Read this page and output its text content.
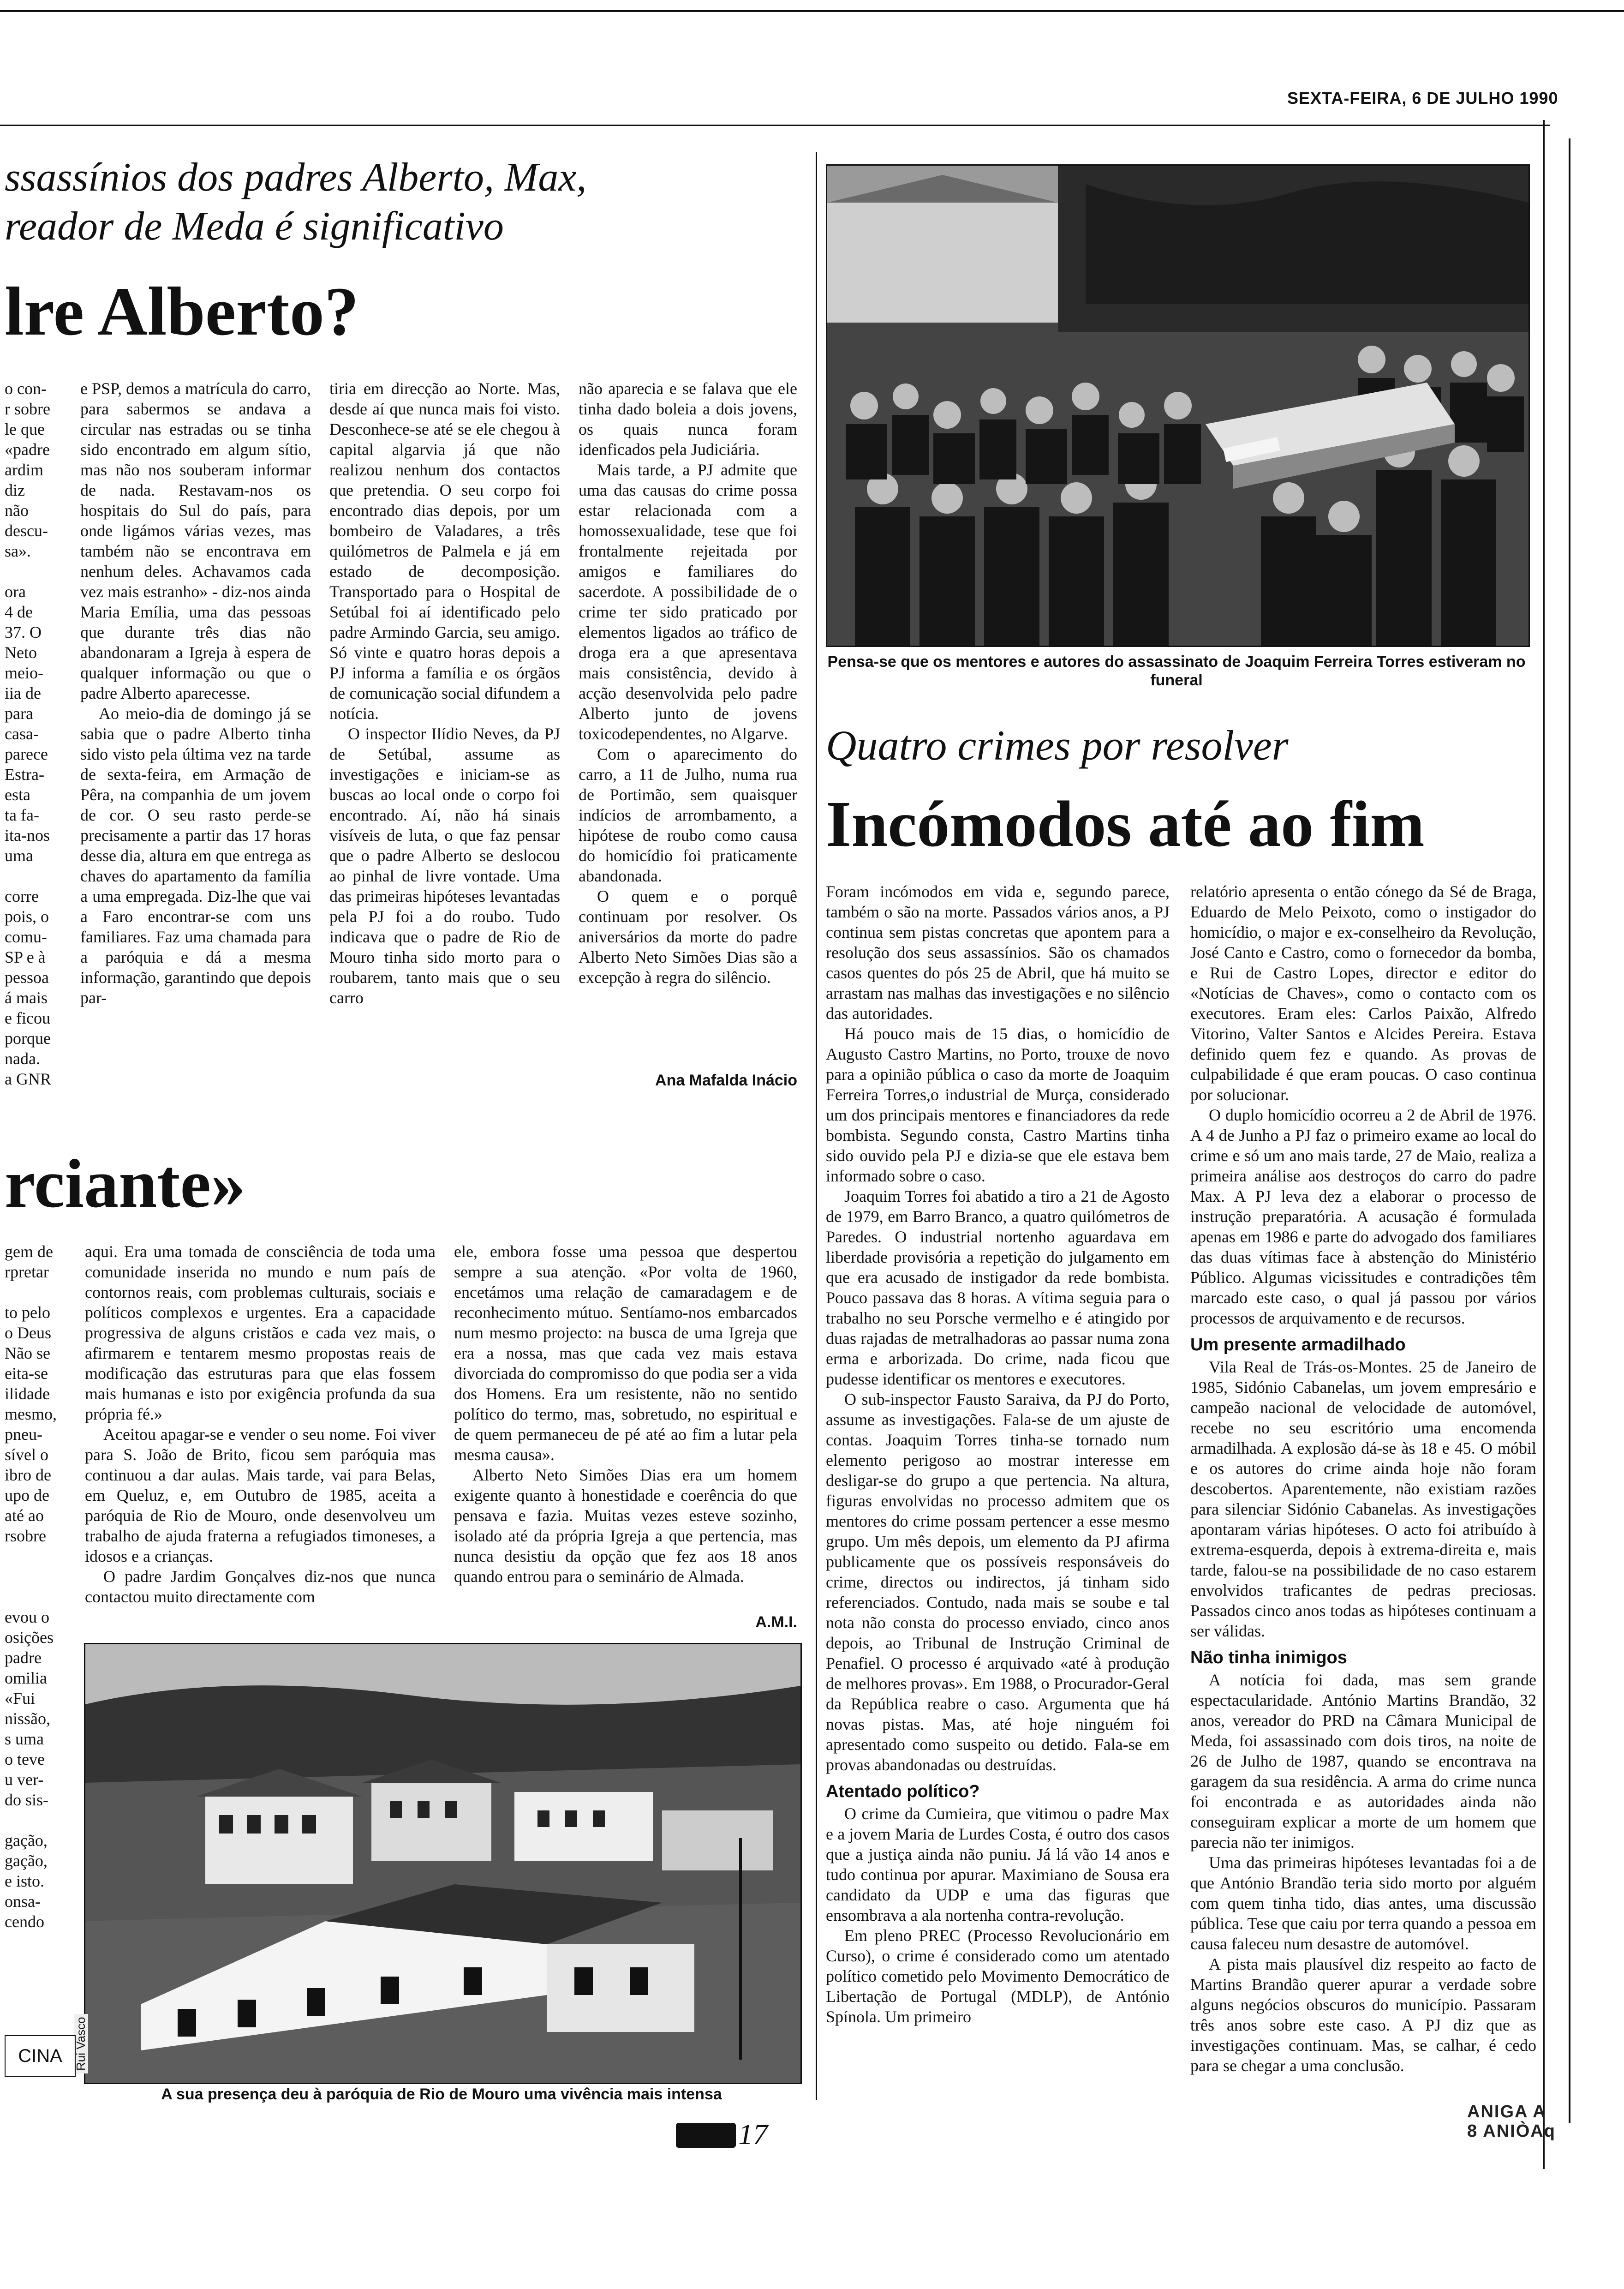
SEXTA-FEIRA, 6 DE JULHO 1990
ssassínios dos padres Alberto, Max,
reador de Meda é significativo
lre Alberto?
o con-
r sobre
le que
«padre
ardim
diz
não
descu-
sa».
ora
4 de
37. O
Neto
meio-
iia de
para
casa-
parece
Estra-
esta
ta fa-
ita-nos
uma
corre
pois, o
comu-
SP e à
pessoa
á mais
e ficou
porque
nada.
a GNR

e PSP, demos a matrícula do carro, para sabermos se andava a circular nas estradas ou se tinha sido encontrado em algum sítio, mas não nos souberam informar de nada. Restavam-nos os hospitais do Sul do país, para onde ligámos várias vezes, mas também não se encontrava em nenhum deles. Achavamos cada vez mais estranho» - diz-nos ainda Maria Emília, uma das pessoas que durante três dias não abandonaram a Igreja à espera de qualquer informação ou que o padre Alberto aparecesse.

Ao meio-dia de domingo já se sabia que o padre Alberto tinha sido visto pela última vez na tarde de sexta-feira, em Armação de Pêra, na companhia de um jovem de cor. O seu rasto perde-se precisamente a partir das 17 horas desse dia, altura em que entrega as chaves do apartamento da família a uma empregada. Diz-lhe que vai a Faro encontrar-se com uns familiares. Faz uma chamada para a paróquia e dá a mesma informação, garantindo que depois par-

tiria em direcção ao Norte. Mas, desde aí que nunca mais foi visto. Desconhece-se até se ele chegou à capital algarvia já que não realizou nenhum dos contactos que pretendia. O seu corpo foi encontrado dias depois, por um bombeiro de Valadares, a três quilómetros de Palmela e já em estado de decomposição. Transportado para o Hospital de Setúbal foi aí identificado pelo padre Armindo Garcia, seu amigo. Só vinte e quatro horas depois a PJ informa a família e os órgãos de comunicação social difundem a notícia.

O inspector Ilídio Neves, da PJ de Setúbal, assume as investigações e iniciam-se as buscas ao local onde o corpo foi encontrado. Aí, não há sinais visíveis de luta, o que faz pensar que o padre Alberto se deslocou ao pinhal de livre vontade. Uma das primeiras hipóteses levantadas pela PJ foi a do roubo. Tudo indicava que o padre de Rio de Mouro tinha sido morto para o roubarem, tanto mais que o seu carro

não aparecia e se falava que ele tinha dado boleia a dois jovens, os quais nunca foram idenficados pela Judiciária.

Mais tarde, a PJ admite que uma das causas do crime possa estar relacionada com a homossexualidade, tese que foi frontalmente rejeitada por amigos e familiares do sacerdote. A possibilidade de o crime ter sido praticado por elementos ligados ao tráfico de droga era a que apresentava mais consistência, devido à acção desenvolvida pelo padre Alberto junto de jovens toxicodependentes, no Algarve.

Com o aparecimento do carro, a 11 de Julho, numa rua de Portimão, sem quaisquer indícios de arrombamento, a hipótese de roubo como causa do homicídio foi praticamente abandonada.

O quem e o porquê continuam por resolver. Os aniversários da morte do padre Alberto Neto Simões Dias são a excepção à regra do silêncio.

Ana Mafalda Inácio
rciante»
gem de
rpretar
to pelo
o Deus
Não se
eita-se
ilidade
mesmo,
pneu-
sível o
ibro de
upo de
até ao
rsobre
evou o
osições
padre
omilia
«Fui
nissão,
s uma
o teve
u ver-
do sis-
gação,
gação,
e isto.
onsa-
cendo

aqui. Era uma tomada de consciência de toda uma comunidade inserida no mundo e num país de contornos reais, com problemas culturais, sociais e políticos complexos e urgentes. Era a capacidade progressiva de alguns cristãos e cada vez mais, o afirmarem e tentarem mesmo propostas reais de modificação das estruturas para que elas fossem mais humanas e isto por exigência profunda da sua própria fé.»

Aceitou apagar-se e vender o seu nome. Foi viver para S. João de Brito, ficou sem paróquia mas continuou a dar aulas. Mais tarde, vai para Belas, em Queluz, e, em Outubro de 1985, aceita a paróquia de Rio de Mouro, onde desenvolveu um trabalho de ajuda fraterna a refugiados timoneses, a idosos e a crianças.

O padre Jardim Gonçalves diz-nos que nunca contactou muito directamente com

ele, embora fosse uma pessoa que despertou sempre a sua atenção. «Por volta de 1960, encetámos uma relação de camaradagem e de reconhecimento mútuo. Sentíamo-nos embarcados num mesmo projecto: na busca de uma Igreja que era a nossa, mas que cada vez mais estava divorciada do compromisso do que podia ser a vida dos Homens. Era um resistente, não no sentido político do termo, mas, sobretudo, no espiritual e de quem permaneceu de pé até ao fim a lutar pela mesma causa».

Alberto Neto Simões Dias era um homem exigente quanto à honestidade e coerência do que pensava e fazia. Muitas vezes esteve sozinho, isolado até da própria Igreja a que pertencia, mas nunca desistiu da opção que fez aos 18 anos quando entrou para o seminário de Almada.

A.M.I.
Rui Vasco
A sua presença deu à paróquia de Rio de Mouro uma vivência mais intensa
CINA
Pensa-se que os mentores e autores do assassinato de Joaquim Ferreira Torres estiveram no funeral
Quatro crimes por resolver
Incómodos até ao fim

Foram incómodos em vida e, segundo parece, também o são na morte. Passados vários anos, a PJ continua sem pistas concretas que apontem para a resolução dos seus assassínios. São os chamados casos quentes do pós 25 de Abril, que há muito se arrastam nas malhas das investigações e no silêncio das autoridades.

Há pouco mais de 15 dias, o homicídio de Augusto Castro Martins, no Porto, trouxe de novo para a opinião pública o caso da morte de Joaquim Ferreira Torres,o industrial de Murça, considerado um dos principais mentores e financiadores da rede bombista. Segundo consta, Castro Martins tinha sido ouvido pela PJ e dizia-se que ele estava bem informado sobre o caso.

Joaquim Torres foi abatido a tiro a 21 de Agosto de 1979, em Barro Branco, a quatro quilómetros de Paredes. O industrial nortenho aguardava em liberdade provisória a repetição do julgamento em que era acusado de instigador da rede bombista. Pouco passava das 8 horas. A vítima seguia para o trabalho no seu Porsche vermelho e é atingido por duas rajadas de metralhadoras ao passar numa zona erma e arborizada. Do crime, nada ficou que pudesse identificar os mentores e executores.

O sub-inspector Fausto Saraiva, da PJ do Porto, assume as investigações. Fala-se de um ajuste de contas. Joaquim Torres tinha-se tornado num elemento perigoso ao mostrar interesse em desligar-se do grupo a que pertencia. Na altura, figuras envolvidas no processo admitem que os mentores do crime possam pertencer a esse mesmo grupo. Um mês depois, um elemento da PJ afirma publicamente que os possíveis responsáveis do crime, directos ou indirectos, já tinham sido referenciados. Contudo, nada mais se soube e tal nota não consta do processo enviado, cinco anos depois, ao Tribunal de Instrução Criminal de Penafiel. O processo é arquivado «até à produção de melhores provas». Em 1988, o Procurador-Geral da República reabre o caso. Argumenta que há novas pistas. Mas, até hoje ninguém foi apresentado como suspeito ou detido. Fala-se em provas abandonadas ou destruídas.

Atentado político?

O crime da Cumieira, que vitimou o padre Max e a jovem Maria de Lurdes Costa, é outro dos casos que a justiça ainda não puniu. Já lá vão 14 anos e tudo continua por apurar. Maximiano de Sousa era candidato da UDP e uma das figuras que ensombrava a ala nortenha contra-revolução.

Em pleno PREC (Processo Revolucionário em Curso), o crime é considerado como um atentado político cometido pelo Movimento Democrático de Libertação de Portugal (MDLP), de António Spínola. Um primeiro

relatório apresenta o então cónego da Sé de Braga, Eduardo de Melo Peixoto, como o instigador do homicídio, o major e ex-conselheiro da Revolução, José Canto e Castro, como o fornecedor da bomba, e Rui de Castro Lopes, director e editor do «Notícias de Chaves», como o contacto com os executores. Eram eles: Carlos Paixão, Alfredo Vitorino, Valter Santos e Alcides Pereira. Estava definido quem fez e quando. As provas de culpabilidade é que eram poucas. O caso continua por solucionar.

O duplo homicídio ocorreu a 2 de Abril de 1976. A 4 de Junho a PJ faz o primeiro exame ao local do crime e só um ano mais tarde, 27 de Maio, realiza a primeira análise aos destroços do carro do padre Max. A PJ leva dez a elaborar o processo de instrução preparatória. A acusação é formulada apenas em 1986 e parte do advogado dos familiares das duas vítimas face à abstenção do Ministério Público. Algumas vicissitudes e contradições têm marcado este caso, o qual já passou por vários processos de arquivamento e de recursos.

Um presente armadilhado

Vila Real de Trás-os-Montes. 25 de Janeiro de 1985, Sidónio Cabanelas, um jovem empresário e campeão nacional de velocidade de automóvel, recebe no seu escritório uma encomenda armadilhada. A explosão dá-se às 18 e 45. O móbil e os autores do crime ainda hoje não foram descobertos. Aparentemente, não existiam razões para silenciar Sidónio Cabanelas. As investigações apontaram várias hipóteses. O acto foi atribuído à extrema-esquerda, depois à extrema-direita e, mais tarde, falou-se na possibilidade de no caso estarem envolvidos traficantes de pedras preciosas. Passados cinco anos todas as hipóteses continuam a ser válidas.

Não tinha inimigos

A notícia foi dada, mas sem grande espectacularidade. António Martins Brandão, 32 anos, vereador do PRD na Câmara Municipal de Meda, foi assassinado com dois tiros, na noite de 26 de Julho de 1987, quando se encontrava na garagem da sua residência. A arma do crime nunca foi encontrada e as autoridades ainda não conseguiram explicar a morte de um homem que parecia não ter inimigos.

Uma das primeiras hipóteses levantadas foi a de que António Brandão teria sido morto por alguém com quem tinha tido, dias antes, uma discussão pública. Tese que caiu por terra quando a pessoa em causa faleceu num desastre de automóvel.

A pista mais plausível diz respeito ao facto de Martins Brandão querer apurar a verdade sobre alguns negócios obscuros do município. Passaram três anos sobre este caso. A PJ diz que as investigações continuam. Mas, se calhar, é cedo para se chegar a uma conclusão.

17
ANIGA A
8 ANIÒAq
